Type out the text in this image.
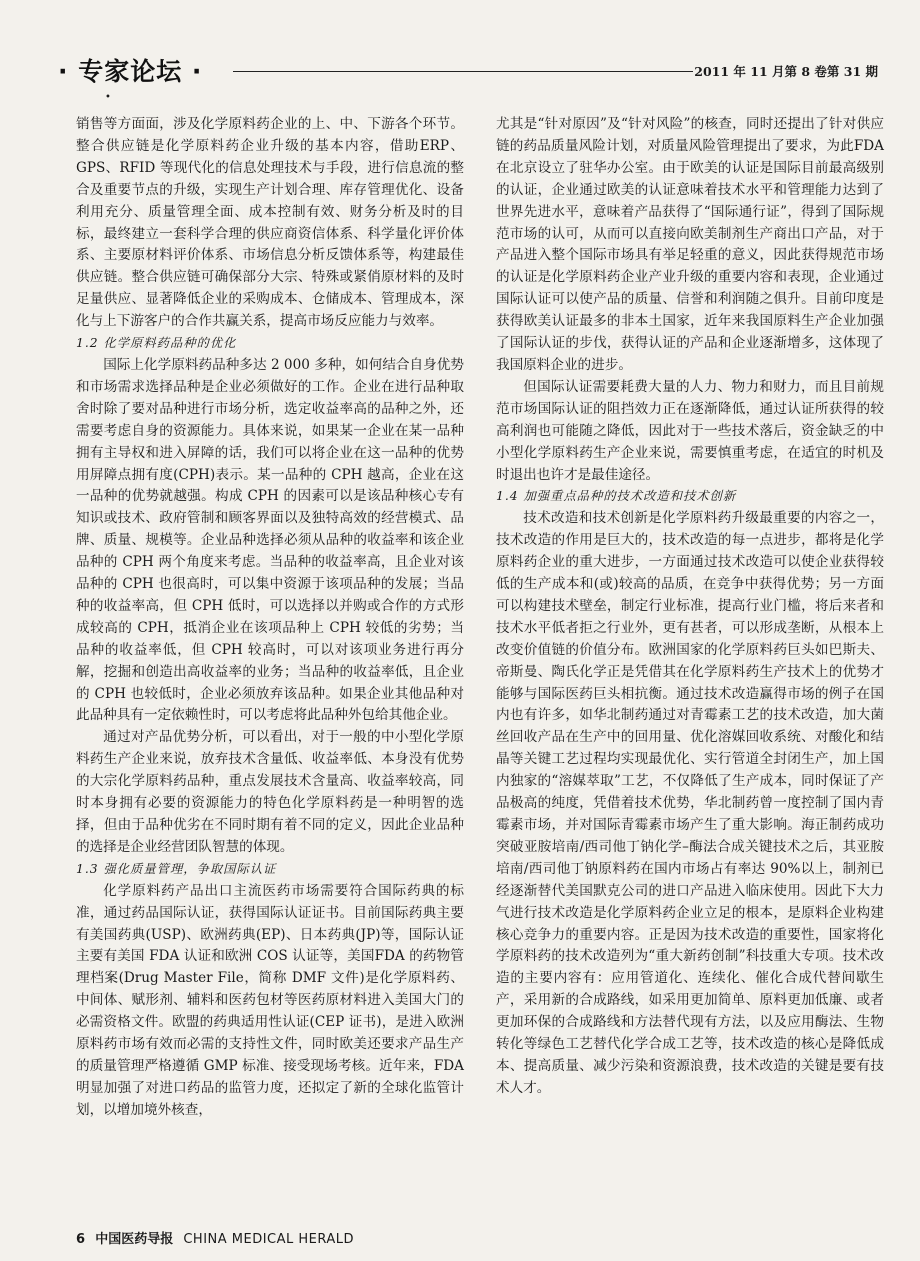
· 专家论坛 ·	2011 年 11 月第 8 卷第 31 期
•

销售等方面面，涉及化学原料药企业的上、中、下游各个环节。整合供应链是化学原料药企业升级的基本内容，借助ERP、GPS、RFID 等现代化的信息处理技术与手段，进行信息流的整合及重要节点的升级，实现生产计划合理、库存管理优化、设备利用充分、质量管理全面、成本控制有效、财务分析及时的目标，最终建立一套科学合理的供应商资信体系、科学量化评价体系、主要原材料评价体系、市场信息分析反馈体系等，构建最佳供应链。整合供应链可确保部分大宗、特殊或紧俏原材料的及时足量供应、显著降低企业的采购成本、仓储成本、管理成本，深化与上下游客户的合作共赢关系，提高市场反应能力与效率。

1.2 化学原料药品种的优化

国际上化学原料药品种多达 2 000 多种，如何结合自身优势和市场需求选择品种是企业必须做好的工作。企业在进行品种取舍时除了要对品种进行市场分析，选定收益率高的品种之外，还需要考虑自身的资源能力。具体来说，如果某一企业在某一品种拥有主导权和进入屏障的话，我们可以将企业在这一品种的优势用屏障点拥有度(CPH)表示。某一品种的 CPH 越高，企业在这一品种的优势就越强。构成 CPH 的因素可以是该品种核心专有知识或技术、政府管制和顾客界面以及独特高效的经营模式、品牌、质量、规模等。企业品种选择必须从品种的收益率和该企业品种的 CPH 两个角度来考虑。当品种的收益率高，且企业对该品种的 CPH 也很高时，可以集中资源于该项品种的发展；当品种的收益率高，但 CPH 低时，可以选择以并购或合作的方式形成较高的 CPH，抵消企业在该项品种上 CPH 较低的劣势；当品种的收益率低，但 CPH 较高时，可以对该项业务进行再分解，挖掘和创造出高收益率的业务；当品种的收益率低，且企业的 CPH 也较低时，企业必须放弃该品种。如果企业其他品种对此品种具有一定依赖性时，可以考虑将此品种外包给其他企业。

通过对产品优势分析，可以看出，对于一般的中小型化学原料药生产企业来说，放弃技术含量低、收益率低、本身没有优势的大宗化学原料药品种，重点发展技术含量高、收益率较高，同时本身拥有必要的资源能力的特色化学原料药是一种明智的选择，但由于品种优劣在不同时期有着不同的定义，因此企业品种的选择是企业经营团队智慧的体现。

1.3 强化质量管理，争取国际认证

化学原料药产品出口主流医药市场需要符合国际药典的标准，通过药品国际认证，获得国际认证证书。目前国际药典主要有美国药典(USP)、欧洲药典(EP)、日本药典(JP)等，国际认证主要有美国 FDA 认证和欧洲 COS 认证等，美国FDA 的药物管理档案(Drug Master File，简称 DMF 文件)是化学原料药、中间体、赋形剂、辅料和医药包材等医药原材料进入美国大门的必需资格文件。欧盟的药典适用性认证(CEP 证书)，是进入欧洲原料药市场有效而必需的支持性文件，同时欧美还要求产品生产的质量管理严格遵循 GMP 标准、接受现场考核。近年来，FDA 明显加强了对进口药品的监管力度，还拟定了新的全球化监管计划，以增加境外核查，

尤其是“针对原因”及“针对风险”的核查，同时还提出了针对供应链的药品质量风险计划，对质量风险管理提出了要求，为此FDA 在北京设立了驻华办公室。由于欧美的认证是国际目前最高级别的认证，企业通过欧美的认证意味着技术水平和管理能力达到了世界先进水平，意味着产品获得了“国际通行证”，得到了国际规范市场的认可，从而可以直接向欧美制剂生产商出口产品，对于产品进入整个国际市场具有举足轻重的意义，因此获得规范市场的认证是化学原料药企业产业升级的重要内容和表现，企业通过国际认证可以使产品的质量、信誉和利润随之俱升。目前印度是获得欧美认证最多的非本土国家，近年来我国原料生产企业加强了国际认证的步伐，获得认证的产品和企业逐渐增多，这体现了我国原料企业的进步。

但国际认证需要耗费大量的人力、物力和财力，而且目前规范市场国际认证的阻挡效力正在逐渐降低，通过认证所获得的较高利润也可能随之降低，因此对于一些技术落后，资金缺乏的中小型化学原料药生产企业来说，需要慎重考虑，在适宜的时机及时退出也许才是最佳途径。

1.4 加强重点品种的技术改造和技术创新

技术改造和技术创新是化学原料药升级最重要的内容之一，技术改造的作用是巨大的，技术改造的每一点进步，都将是化学原料药企业的重大进步，一方面通过技术改造可以使企业获得较低的生产成本和(或)较高的品质，在竞争中获得优势；另一方面可以构建技术壁垒，制定行业标准，提高行业门槛，将后来者和技术水平低者拒之行业外，更有甚者，可以形成垄断，从根本上改变价值链的价值分布。欧洲国家的化学原料药巨头如巴斯夫、帝斯曼、陶氏化学正是凭借其在化学原料药生产技术上的优势才能够与国际医药巨头相抗衡。通过技术改造赢得市场的例子在国内也有许多，如华北制药通过对青霉素工艺的技术改造，加大菌丝回收产品在生产中的回用量、优化溶媒回收系统、对酸化和结晶等关键工艺过程均实现最优化、实行管道全封闭生产，加上国内独家的“溶媒萃取”工艺，不仅降低了生产成本，同时保证了产品极高的纯度，凭借着技术优势，华北制药曾一度控制了国内青霉素市场，并对国际青霉素市场产生了重大影响。海正制药成功突破亚胺培南/西司他丁钠化学–酶法合成关键技术之后，其亚胺培南/西司他丁钠原料药在国内市场占有率达 90%以上，制剂已经逐渐替代美国默克公司的进口产品进入临床使用。因此下大力气进行技术改造是化学原料药企业立足的根本，是原料企业构建核心竞争力的重要内容。正是因为技术改造的重要性，国家将化学原料药的技术改造列为“重大新药创制”科技重大专项。技术改造的主要内容有：应用管道化、连续化、催化合成代替间歇生产，采用新的合成路线，如采用更加简单、原料更加低廉、或者更加环保的合成路线和方法替代现有方法，以及应用酶法、生物转化等绿色工艺替代化学合成工艺等，技术改造的核心是降低成本、提高质量、减少污染和资源浪费，技术改造的关键是要有技术人才。

6 中国医药导报 CHINA MEDICAL HERALD
